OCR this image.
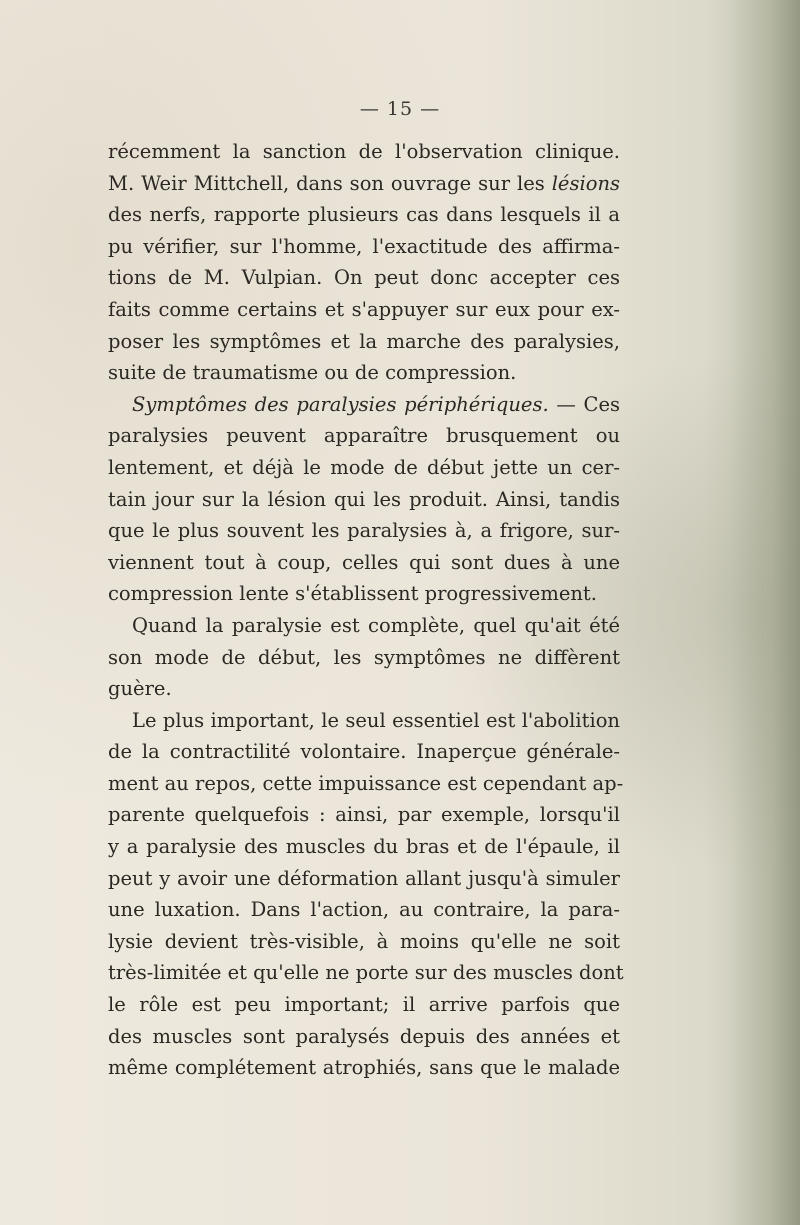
— 15 —
récemment la sanction de l'observation clinique.
M. Weir Mittchell, dans son ouvrage sur les lésions
des nerfs, rapporte plusieurs cas dans lesquels il a
pu vérifier, sur l'homme, l'exactitude des affirma-
tions de M. Vulpian. On peut donc accepter ces
faits comme certains et s'appuyer sur eux pour ex-
poser les symptômes et la marche des paralysies,
suite de traumatisme ou de compression.
Symptômes des paralysies périphériques. — Ces
paralysies peuvent apparaître brusquement ou
lentement, et déjà le mode de début jette un cer-
tain jour sur la lésion qui les produit. Ainsi, tandis
que le plus souvent les paralysies à, a frigore, sur-
viennent tout à coup, celles qui sont dues à une
compression lente s'établissent progressivement.
Quand la paralysie est complète, quel qu'ait été
son mode de début, les symptômes ne diffèrent
guère.
Le plus important, le seul essentiel est l'abolition
de la contractilité volontaire. Inaperçue générale-
ment au repos, cette impuissance est cependant ap-
parente quelquefois : ainsi, par exemple, lorsqu'il
y a paralysie des muscles du bras et de l'épaule, il
peut y avoir une déformation allant jusqu'à simuler
une luxation. Dans l'action, au contraire, la para-
lysie devient très-visible, à moins qu'elle ne soit
très-limitée et qu'elle ne porte sur des muscles dont
le rôle est peu important; il arrive parfois que
des muscles sont paralysés depuis des années et
même complétement atrophiés, sans que le malade
